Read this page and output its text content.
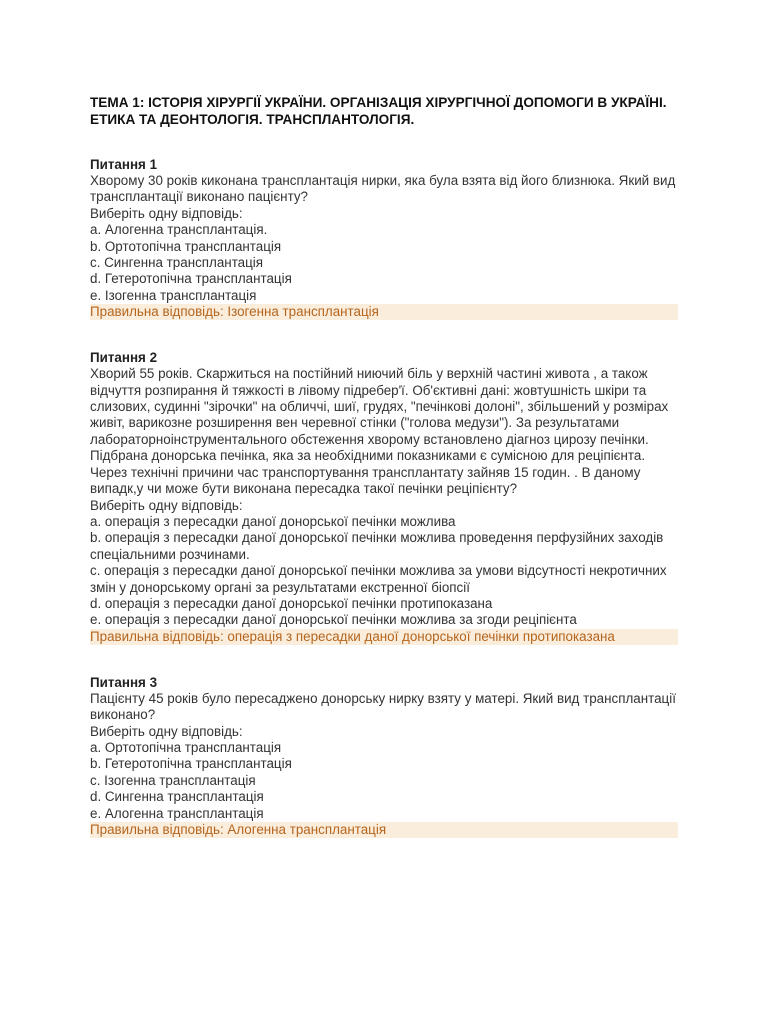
ТЕМА 1: ІСТОРІЯ ХІРУРГІЇ УКРАЇНИ. ОРГАНІЗАЦІЯ ХІРУРГІЧНОЇ ДОПОМОГИ В УКРАЇНІ. ЕТИКА ТА ДЕОНТОЛОГІЯ. ТРАНСПЛАНТОЛОГІЯ.

Питання 1

Хворому 30 років киконана трансплантація нирки, яка була взята від його близнюка. Який вид трансплантації виконано пацієнту?

Виберіть одну відповідь:

a. Алогенна трансплантація.

b. Ортотопічна трансплантація

c. Сингенна трансплантація

d. Гетеротопічна трансплантація

e. Ізогенна трансплантація

Правильна відповідь: Ізогенна трансплантація

Питання 2

Хворий 55 років. Скаржиться на постійний ниючий біль у верхній частині живота , а також відчуття розпирання й тяжкості в лівому підребер'ї. Об'єктивні дані: жовтушність шкіри та слизових, судинні "зірочки" на обличчі, шиї, грудях, "печінкові долоні", збільшений у розмірах живіт, варикозне розширення вен черевної стінки ("голова медузи"). За результатами лабораторноінструментального обстеження хворому встановлено діагноз цирозу печінки. Підбрана донорська печінка, яка за необхідними показниками є сумісною для реціпієнта. Через технічні причини час транспортування трансплантату зайняв 15 годин. . В даному випадк,у чи може бути виконана пересадка такої печінки реціпієнту?

Виберіть одну відповідь:

a. операція з пересадки даної донорської печінки можлива

b. операція з пересадки даної донорської печінки можлива проведення перфузійних заходів спеціальними розчинами.

c. операція з пересадки даної донорської печінки можлива за умови відсутності некротичних змін у донорському органі за результатами екстренної біопсії

d. операція з пересадки даної донорської печінки протипоказана

e. операція з пересадки даної донорської печінки можлива за згоди реціпієнта

Правильна відповідь: операція з пересадки даної донорської печінки протипоказана

Питання 3

Пацієнту 45 років було пересаджено донорську нирку взяту у матері. Який вид трансплантації виконано?

Виберіть одну відповідь:

a. Ортотопічна трансплантація

b. Гетеротопічна трансплантація

c. Ізогенна трансплантація

d. Сингенна трансплантація

e. Алогенна трансплантація

Правильна відповідь: Алогенна трансплантація
